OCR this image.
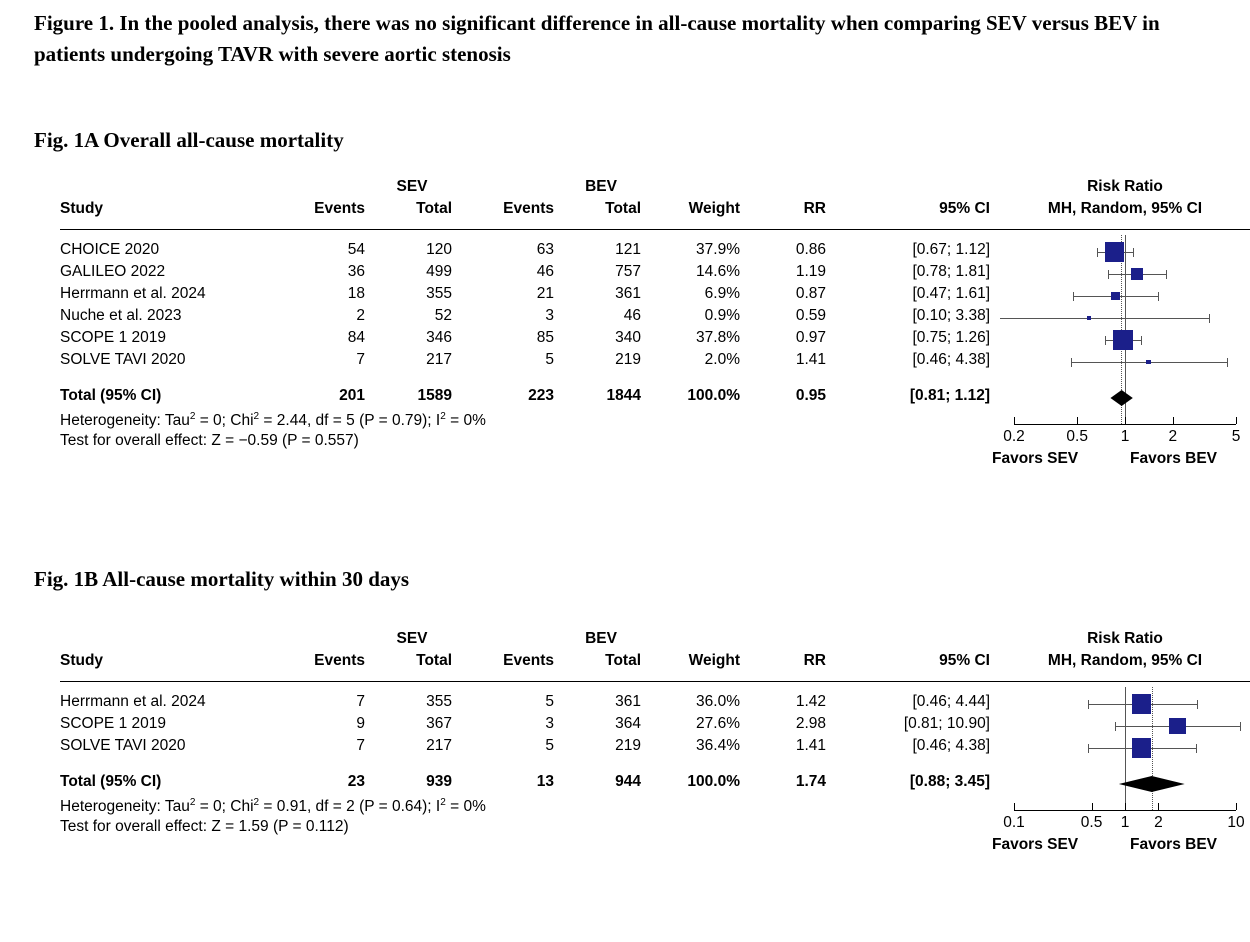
Figure 1. In the pooled analysis, there was no significant difference in all-cause mortality when comparing SEV versus BEV in patients undergoing TAVR with severe aortic stenosis
Fig. 1A Overall all-cause mortality
Fig. 1B All-cause mortality within 30 days
SEV	BEV	Risk Ratio
Study	Events	Total	Events	Total	Weight	RR	95% CI	MH, Random, 95% CI
CHOICE 2020	54	120	63	121	37.9%	0.86	[0.67; 1.12]
GALILEO 2022	36	499	46	757	14.6%	1.19	[0.78; 1.81]
Herrmann et al. 2024	18	355	21	361	6.9%	0.87	[0.47; 1.61]
Nuche et al. 2023	2	52	3	46	0.9%	0.59	[0.10; 3.38]
SCOPE 1 2019	84	346	85	340	37.8%	0.97	[0.75; 1.26]
SOLVE TAVI 2020	7	217	5	219	2.0%	1.41	[0.46; 4.38]
Total (95% CI)	201	1589	223	1844	100.0%	0.95	[0.81; 1.12]
Heterogeneity: Tau$^2$ = 0; Chi$^2$ = 2.44, df = 5 (P = 0.79); $I^2 = 0\%$
Test for overall effect: Z = −0.59 (P = 0.557)	0.2	0.5 1	2	5
Favors SEV	Favors BEV
SEV	BEV	Risk Ratio
Study	Events	Total	Events	Total	Weight	RR	95% CI	MH, Random, 95% CI
Herrmann et al. 2024	7	355	5	361	36.0%	1.42	[0.46; 4.44]
SCOPE 1 2019	9	367	3	364	27.6%	2.98	[0.81; 10.90]
SOLVE TAVI 2020	7	217	5	219	36.4%	1.41	[0.46; 4.38]
Total (95% CI)	23	939	13	944	100.0%	1.74	[0.88; 3.45]
Heterogeneity: Tau$^2$ = 0; Chi$^2$ = 0.91, df = 2 (P = 0.64); $I^2 = 0\%$
Test for overall effect: Z = 1.59 (P = 0.112)	0.1	0.5 1 2	10
Favors SEV	Favors BEV
